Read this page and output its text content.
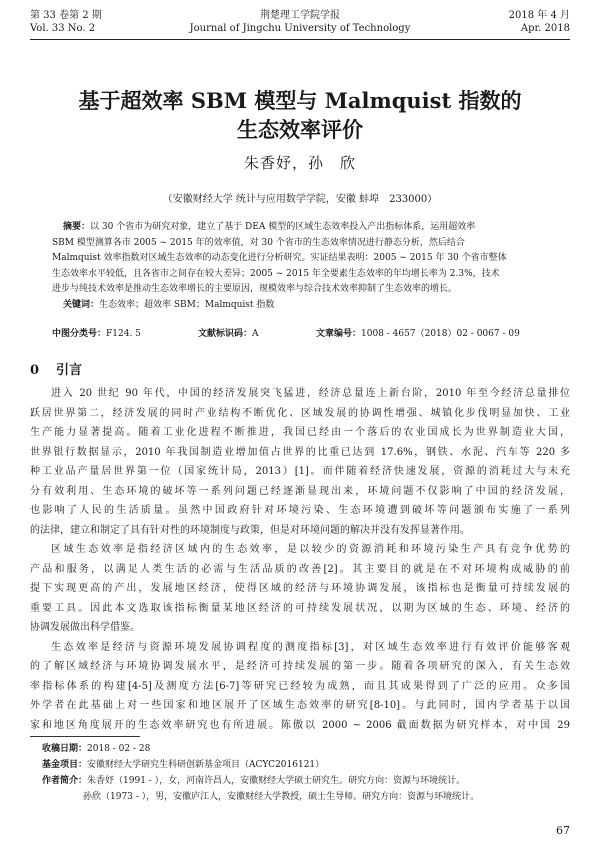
第 33 卷第 2 期
Vol. 33 No. 2
荆楚理工学院学报
Journal of Jingchu University of Technology
2018 年 4 月
Apr. 2018
基于超效率 SBM 模型与 Malmquist 指数的
生态效率评价
朱香妤，孙　欣
（安徽财经大学 统计与应用数学学院，安徽 蚌埠　233000）
摘要：以 30 个省市为研究对象，建立了基于 DEA 模型的区域生态效率投入产出指标体系，运用超效率
SBM 模型测算各市 2005 ~ 2015 年的效率值，对 30 个省市的生态效率情况进行静态分析，然后结合
Malmquist 效率指数对区域生态效率的动态变化进行分析研究。实证结果表明：2005 ~ 2015 年 30 个省市整体
生态效率水平较低，且各省市之间存在较大差异；2005 ~ 2015 年全要素生态效率的年均增长率为 2.3%，技术
进步与纯技术效率是推动生态效率增长的主要原因，规模效率与综合技术效率抑制了生态效率的增长。
关键词：生态效率；超效率 SBM；Malmquist 指数
中图分类号：F124. 5	文献标识码：A	文章编号：1008 - 4657（2018）02 - 0067 - 09
0 引言
进入 20 世纪 90 年代，中国的经济发展突飞猛进，经济总量连上新台阶，2010 年至今经济总量排位
跃居世界第二，经济发展的同时产业结构不断优化、区域发展的协调性增强、城镇化步伐明显加快、工业
生产能力显著提高。随着工业化进程不断推进，我国已经由一个落后的农业国成长为世界制造业大国，
世界银行数据显示，2010 年我国制造业增加值占世界的比重已达到 17.6%，钢铁、水泥、汽车等 220 多
种工业品产量居世界第一位（国家统计局，2013）[1]。而伴随着经济快速发展，资源的消耗过大与未充
分有效利用、生态环境的破坏等一系列问题已经逐渐显现出来，环境问题不仅影响了中国的经济发展，
也影响了人民的生活质量。虽然中国政府针对环境污染、生态环境遭到破坏等问题颁布实施了一系列
的法律，建立和制定了具有针对性的环境制度与政策，但是对环境问题的解决并没有发挥显著作用。
区域生态效率是指经济区域内的生态效率，是以较少的资源消耗和环境污染生产具有竞争优势的
产品和服务，以满足人类生活的必需与生活品质的改善[2]。其主要目的就是在不对环境构成威胁的前
提下实现更高的产出，发展地区经济，使得区域的经济与环境协调发展，该指标也是衡量可持续发展的
重要工具。因此本文选取该指标衡量某地区经济的可持续发展状况，以期为区域的生态、环境、经济的
协调发展做出科学借鉴。
生态效率是经济与资源环境发展协调程度的测度指标[3]，对区域生态效率进行有效评价能够客观
的了解区域经济与环境协调发展水平，是经济可持续发展的第一步。随着各项研究的深入，有关生态效
率指标体系的构建[4-5]及测度方法[6-7]等研究已经较为成熟，而且其成果得到了广泛的应用。众多国
外学者在此基础上对一些国家和地区展开了区域生态效率的研究[8-10]。与此同时，国内学者基于以国
家和地区角度展开的生态效率研究也有所进展。陈傲以 2000 ~ 2006 截面数据为研究样本，对中国 29
收稿日期：2018 - 02 - 28
基金项目：安徽财经大学研究生科研创新基金项目（ACYC2016121）
作者简介：朱香妤（1991 - ），女，河南许昌人，安徽财经大学硕士研究生。研究方向：资源与环境统计。
孙欣（1973 - ），男，安徽庐江人，安徽财经大学教授，硕士生导师。研究方向：资源与环境统计。
67
